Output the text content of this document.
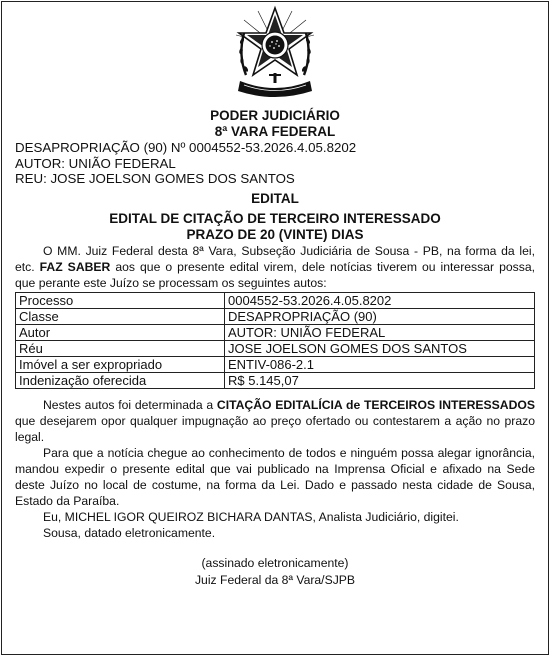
PODER JUDICIÁRIO
8ª VARA FEDERAL
DESAPROPRIAÇÃO (90) Nº 0004552-53.2026.4.05.8202
AUTOR: UNIÃO FEDERAL
REU: JOSE JOELSON GOMES DOS SANTOS
EDITAL
EDITAL DE CITAÇÃO DE TERCEIRO INTERESSADO
PRAZO DE 20 (VINTE) DIAS
O MM. Juiz Federal desta 8ª Vara, Subseção Judiciária de Sousa - PB, na forma da lei, etc. FAZ SABER aos que o presente edital virem, dele notícias tiverem ou interessar possa, que perante este Juízo se processam os seguintes autos:
Processo	0004552-53.2026.4.05.8202
Classe	DESAPROPRIAÇÃO (90)
Autor	AUTOR: UNIÃO FEDERAL
Réu	JOSE JOELSON GOMES DOS SANTOS
Imóvel a ser expropriado	ENTIV-086-2.1
Indenização oferecida	R$ 5.145,07
Nestes autos foi determinada a CITAÇÃO EDITALÍCIA de TERCEIROS INTERESSADOS que desejarem opor qualquer impugnação ao preço ofertado ou contestarem a ação no prazo legal.
Para que a notícia chegue ao conhecimento de todos e ninguém possa alegar ignorância, mandou expedir o presente edital que vai publicado na Imprensa Oficial e afixado na Sede deste Juízo no local de costume, na forma da Lei. Dado e passado nesta cidade de Sousa, Estado da Paraíba.
Eu, MICHEL IGOR QUEIROZ BICHARA DANTAS, Analista Judiciário, digitei.
Sousa, datado eletronicamente.
(assinado eletronicamente)
Juiz Federal da 8ª Vara/SJPB
